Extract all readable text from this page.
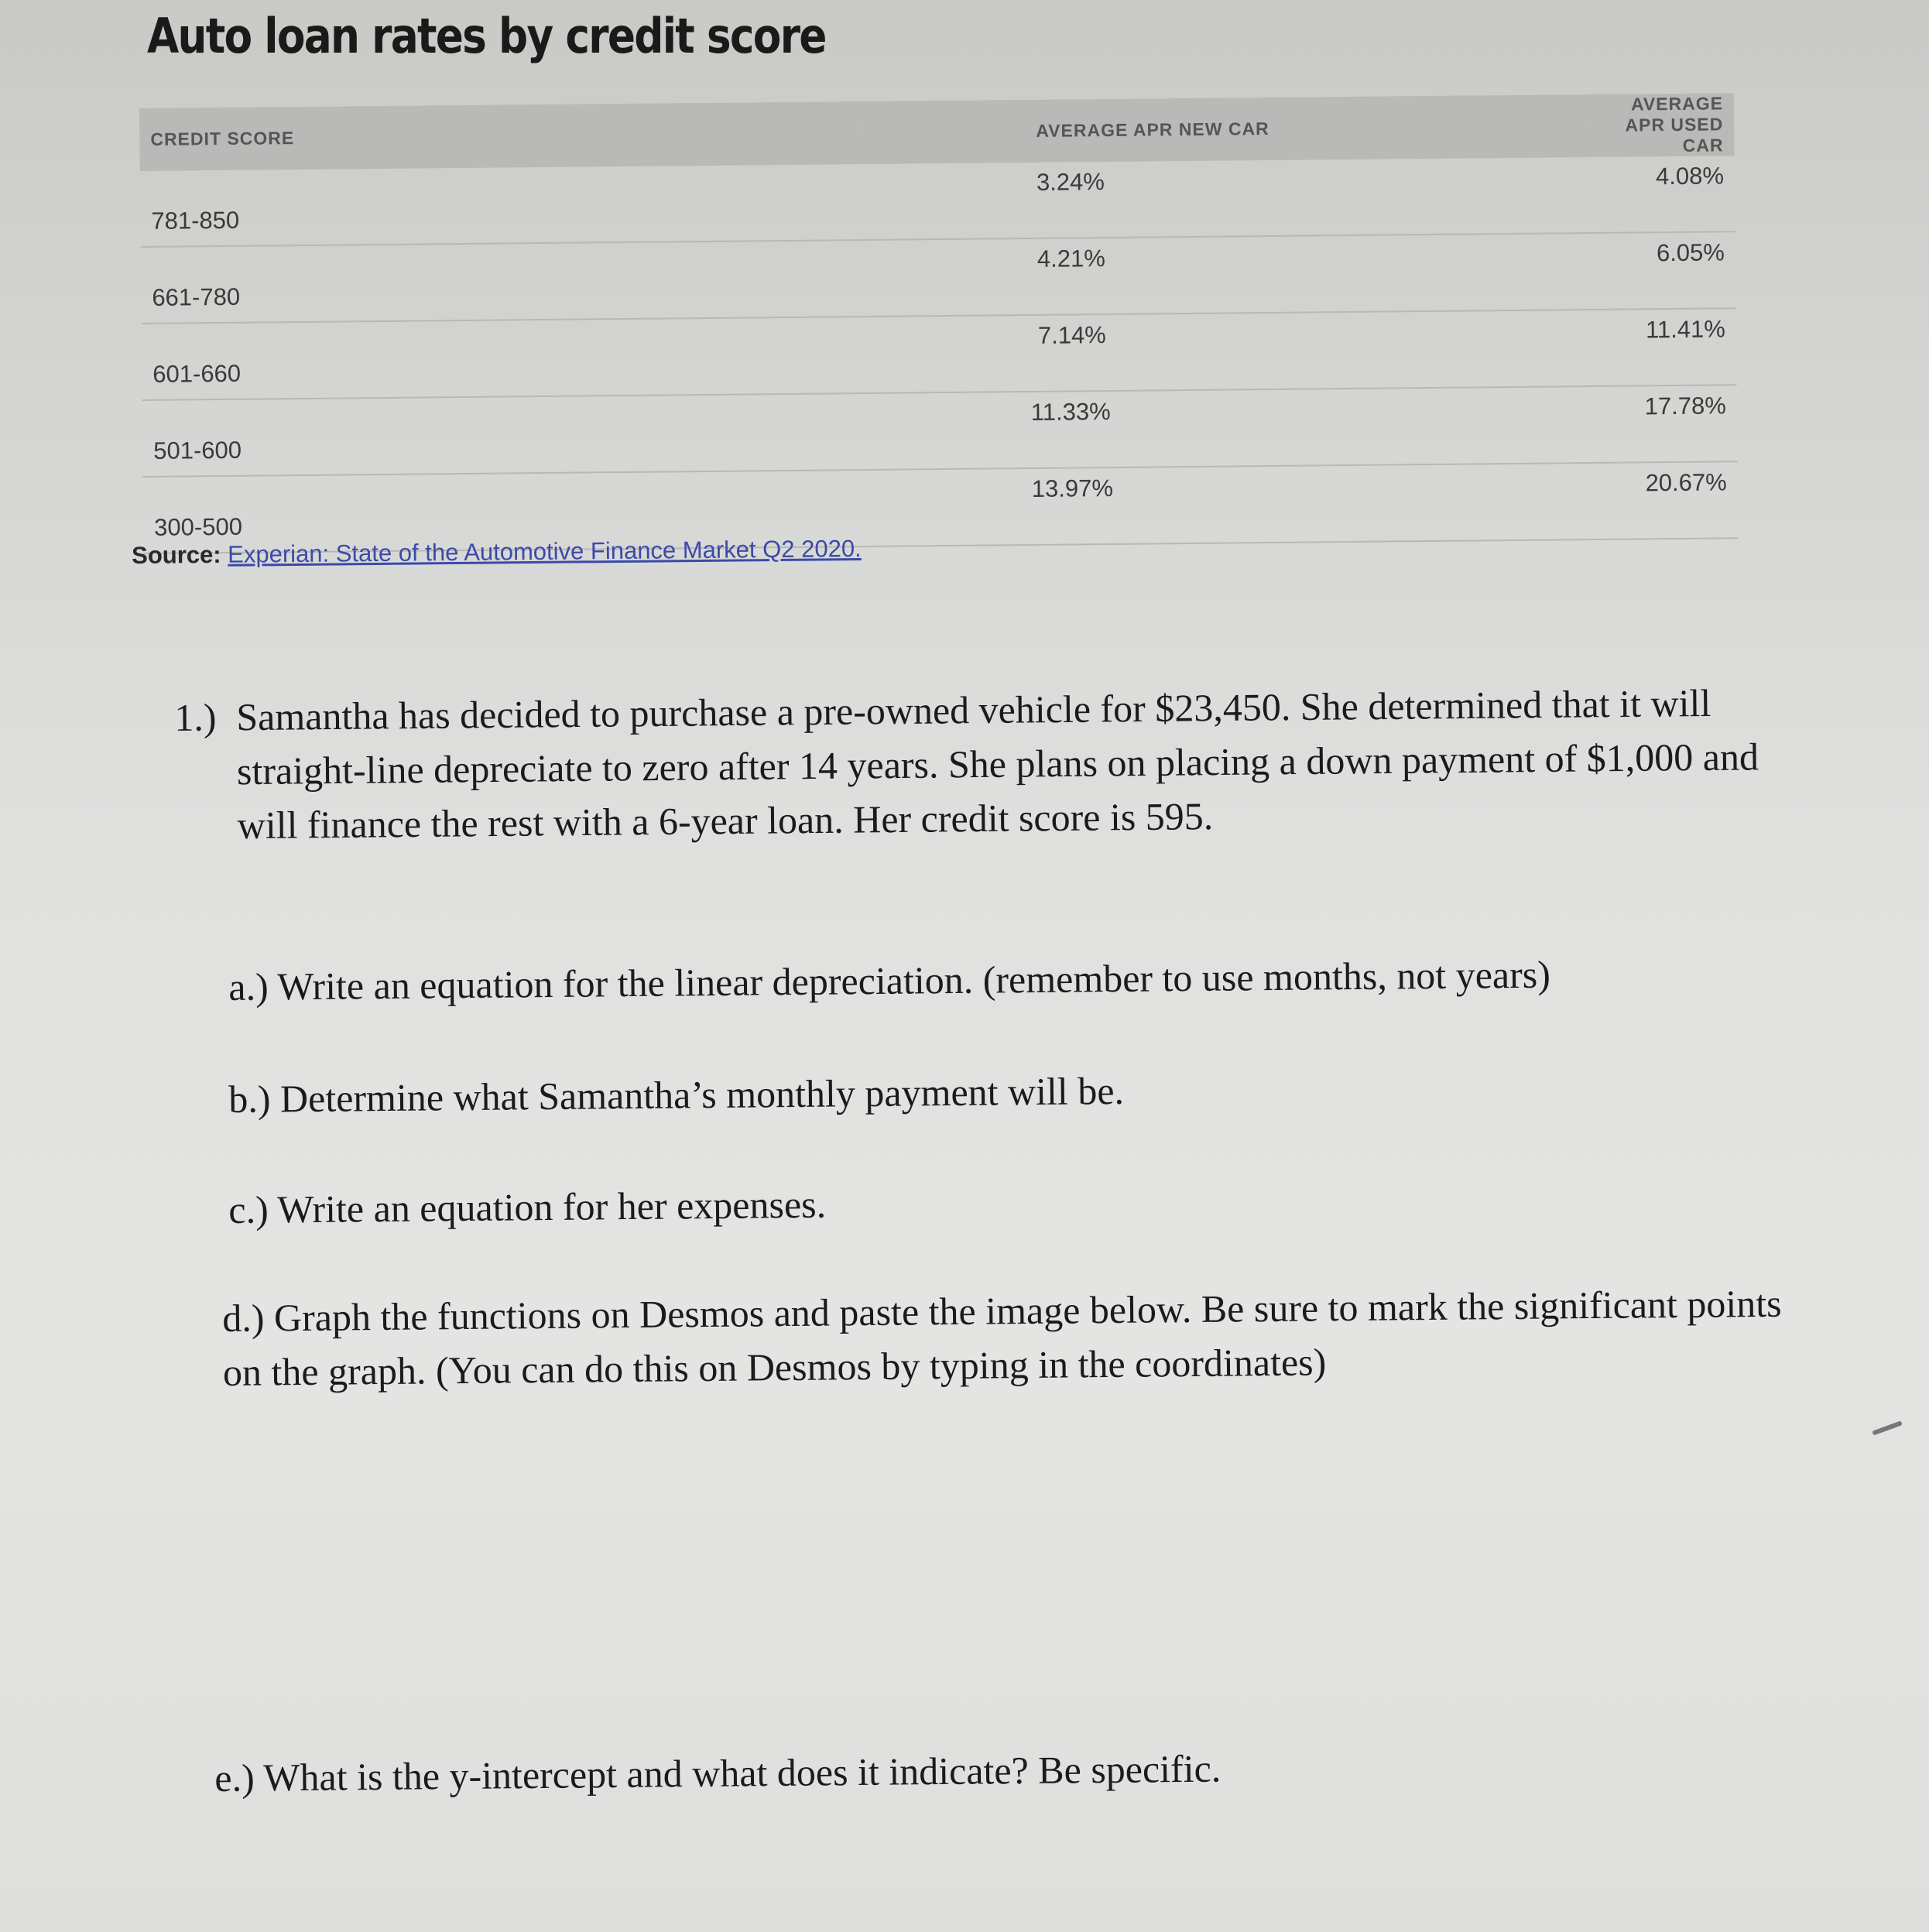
Auto loan rates by credit score
CREDIT SCORE	AVERAGE APR NEW CAR	AVERAGE APR USED CAR
781-850	3.24%	4.08%
661-780	4.21%	6.05%
601-660	7.14%	11.41%
501-600	11.33%	17.78%
300-500	13.97%	20.67%
Source: Experian: State of the Automotive Finance Market Q2 2020.
1.) Samantha has decided to purchase a pre-owned vehicle for $23,450. She determined that it will straight-line depreciate to zero after 14 years. She plans on placing a down payment of $1,000 and will finance the rest with a 6-year loan. Her credit score is 595.
a.) Write an equation for the linear depreciation. (remember to use months, not years)
b.) Determine what Samantha’s monthly payment will be.
c.) Write an equation for her expenses.
d.) Graph the functions on Desmos and paste the image below. Be sure to mark the significant points on the graph. (You can do this on Desmos by typing in the coordinates)
e.) What is the y-intercept and what does it indicate? Be specific.
